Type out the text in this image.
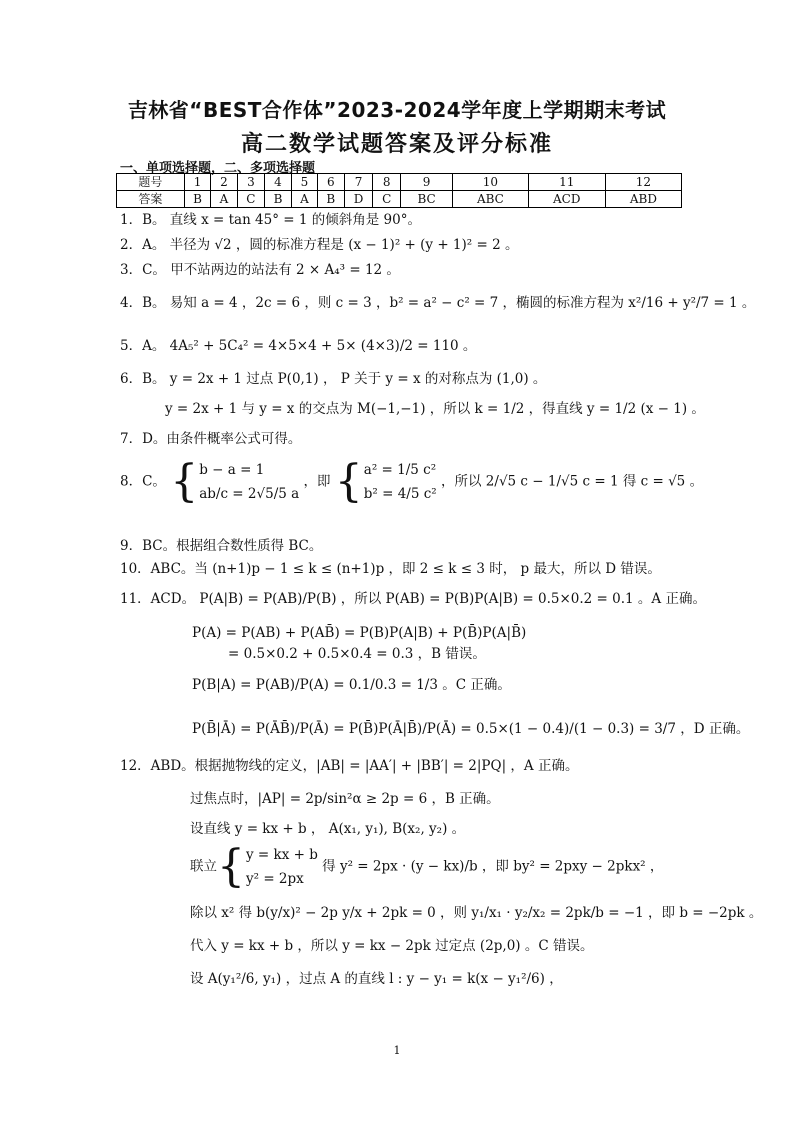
吉林省“BEST合作体”2023-2024学年度上学期期末考试
高二数学试题答案及评分标准
一、单项选择题，二、多项选择题
题号	1	2	3	4	5	6	7	8	9	10	11	12
答案	B	A	C	B	A	B	D	C	BC	ABC	ACD	ABD
1．B。 直线 x = tan 45° = 1 的倾斜角是 90°。
2．A。 半径为 √2 ，圆的标准方程是 (x − 1)² + (y + 1)² = 2 。
3．C。 甲不站两边的站法有 2 × A₄³ = 12 。
4．B。 易知 a = 4 ，2c = 6 ，则 c = 3 ，b² = a² − c² = 7 ，椭圆的标准方程为 x²/16 + y²/7 = 1 。
5．A。 4A₅² + 5C₄² = 4×5×4 + 5× (4×3)/2 = 110 。
6．B。 y = 2x + 1 过点 P(0,1) ， P 关于 y = x 的对称点为 (1,0) 。
y = 2x + 1 与 y = x 的交点为 M(−1,−1) ，所以 k = 1/2 ，得直线 y = 1/2 (x − 1) 。
7．D。由条件概率公式可得。
8．C。 { b − a = 1
ab/c = 2√5/5 a
，即 { a² = 1/5 c²
b² = 4/5 c²
，所以 2/√5 c − 1/√5 c = 1 得 c = √5 。
9．BC。根据组合数性质得 BC。
10．ABC。当 (n+1)p − 1 ≤ k ≤ (n+1)p ，即 2 ≤ k ≤ 3 时， p 最大，所以 D 错误。
11．ACD。 P(A|B) = P(AB)/P(B) ，所以 P(AB) = P(B)P(A|B) = 0.5×0.2 = 0.1 。A 正确。
P(A) = P(AB) + P(AB̄) = P(B)P(A|B) + P(B̄)P(A|B̄)
= 0.5×0.2 + 0.5×0.4 = 0.3 ，B 错误。
P(B|A) = P(AB)/P(A) = 0.1/0.3 = 1/3 。C 正确。
P(B̄|Ā) = P(ĀB̄)/P(Ā) = P(B̄)P(Ā|B̄)/P(Ā) = 0.5×(1 − 0.4)/(1 − 0.3) = 3/7 ，D 正确。
12．ABD。根据抛物线的定义，|AB| = |AA′| + |BB′| = 2|PQ| ，A 正确。
过焦点时，|AP| = 2p/sin²α ≥ 2p = 6 ，B 正确。
设直线 y = kx + b ， A(x₁, y₁), B(x₂, y₂) 。
联立{ y = kx + b
y² = 2px
得 y² = 2px · (y − kx)/b ，即 by² = 2pxy − 2pkx² ，
除以 x² 得 b(y/x)² − 2p y/x + 2pk = 0 ，则 y₁/x₁ · y₂/x₂ = 2pk/b = −1 ，即 b = −2pk 。
代入 y = kx + b ，所以 y = kx − 2pk 过定点 (2p,0) 。C 错误。
设 A(y₁²/6, y₁) ，过点 A 的直线 l : y − y₁ = k(x − y₁²/6) ，
1
